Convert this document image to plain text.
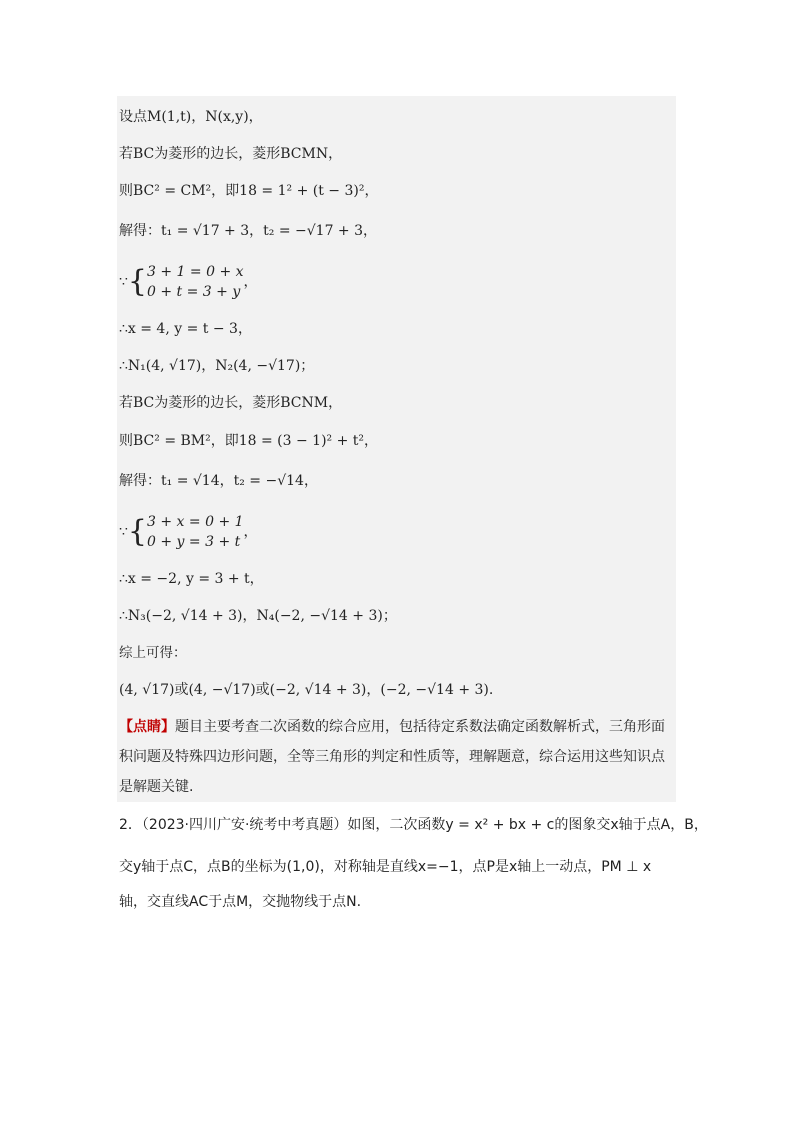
设点M(1,t)，N(x,y)，
若BC为菱形的边长，菱形BCMN，
则BC² = CM²，即18 = 1² + (t − 3)²，
解得：t₁ = √17 + 3，t₂ = −√17 + 3，
∵{3 + 1 = 0 + x
0 + t = 3 + y，
∴x = 4, y = t − 3，
∴N₁(4, √17)，N₂(4, −√17)；
若BC为菱形的边长，菱形BCNM，
则BC² = BM²，即18 = (3 − 1)² + t²，
解得：t₁ = √14，t₂ = −√14，
∵{3 + x = 0 + 1
0 + y = 3 + t，
∴x = −2, y = 3 + t，
∴N₃(−2, √14 + 3)，N₄(−2, −√14 + 3)；
综上可得：
(4, √17)或(4, −√17)或(−2, √14 + 3)，(−2, −√14 + 3).
【点睛】题目主要考查二次函数的综合应用，包括待定系数法确定函数解析式，三角形面积问题及特殊四边形问题，全等三角形的判定和性质等，理解题意，综合运用这些知识点是解题关键.
2．（2023·四川广安·统考中考真题）如图，二次函数y = x² + bx + c的图象交x轴于点A，B，
交y轴于点C，点B的坐标为(1,0)，对称轴是直线x=−1，点P是x轴上一动点，PM ⊥ x
轴，交直线AC于点M，交抛物线于点N.
